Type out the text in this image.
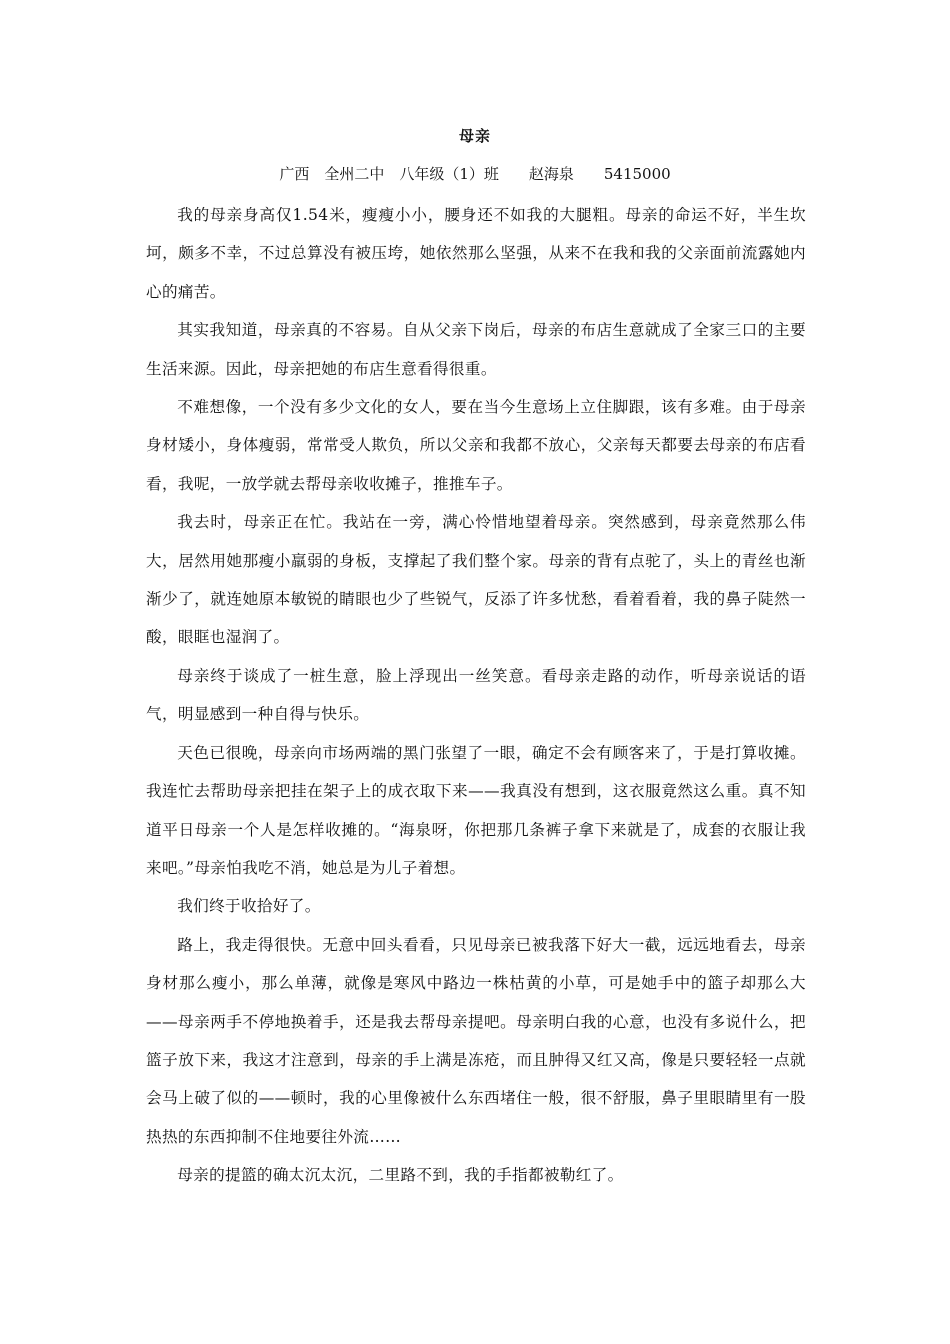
母亲
广西　全州二中　八年级（1）班　　赵海泉　　5415000

我的母亲身高仅1.54米，瘦瘦小小，腰身还不如我的大腿粗。母亲的命运不好，半生坎坷，颇多不幸，不过总算没有被压垮，她依然那么坚强，从来不在我和我的父亲面前流露她内心的痛苦。

其实我知道，母亲真的不容易。自从父亲下岗后，母亲的布店生意就成了全家三口的主要生活来源。因此，母亲把她的布店生意看得很重。

不难想像，一个没有多少文化的女人，要在当今生意场上立住脚跟，该有多难。由于母亲身材矮小，身体瘦弱，常常受人欺负，所以父亲和我都不放心，父亲每天都要去母亲的布店看看，我呢，一放学就去帮母亲收收摊子，推推车子。

我去时，母亲正在忙。我站在一旁，满心怜惜地望着母亲。突然感到，母亲竟然那么伟大，居然用她那瘦小羸弱的身板，支撑起了我们整个家。母亲的背有点驼了，头上的青丝也渐渐少了，就连她原本敏锐的睛眼也少了些锐气，反添了许多忧愁，看着看着，我的鼻子陡然一酸，眼眶也湿润了。

母亲终于谈成了一桩生意，脸上浮现出一丝笑意。看母亲走路的动作，听母亲说话的语气，明显感到一种自得与快乐。

天色已很晚，母亲向市场两端的黑门张望了一眼，确定不会有顾客来了，于是打算收摊。我连忙去帮助母亲把挂在架子上的成衣取下来——我真没有想到，这衣服竟然这么重。真不知道平日母亲一个人是怎样收摊的。“海泉呀，你把那几条裤子拿下来就是了，成套的衣服让我来吧。”母亲怕我吃不消，她总是为儿子着想。

我们终于收拾好了。

路上，我走得很快。无意中回头看看，只见母亲已被我落下好大一截，远远地看去，母亲身材那么瘦小，那么单薄，就像是寒风中路边一株枯黄的小草，可是她手中的篮子却那么大——母亲两手不停地换着手，还是我去帮母亲提吧。母亲明白我的心意，也没有多说什么，把篮子放下来，我这才注意到，母亲的手上满是冻疮，而且肿得又红又高，像是只要轻轻一点就会马上破了似的——顿时，我的心里像被什么东西堵住一般，很不舒服，鼻子里眼睛里有一股热热的东西抑制不住地要往外流……

母亲的提篮的确太沉太沉，二里路不到，我的手指都被勒红了。
